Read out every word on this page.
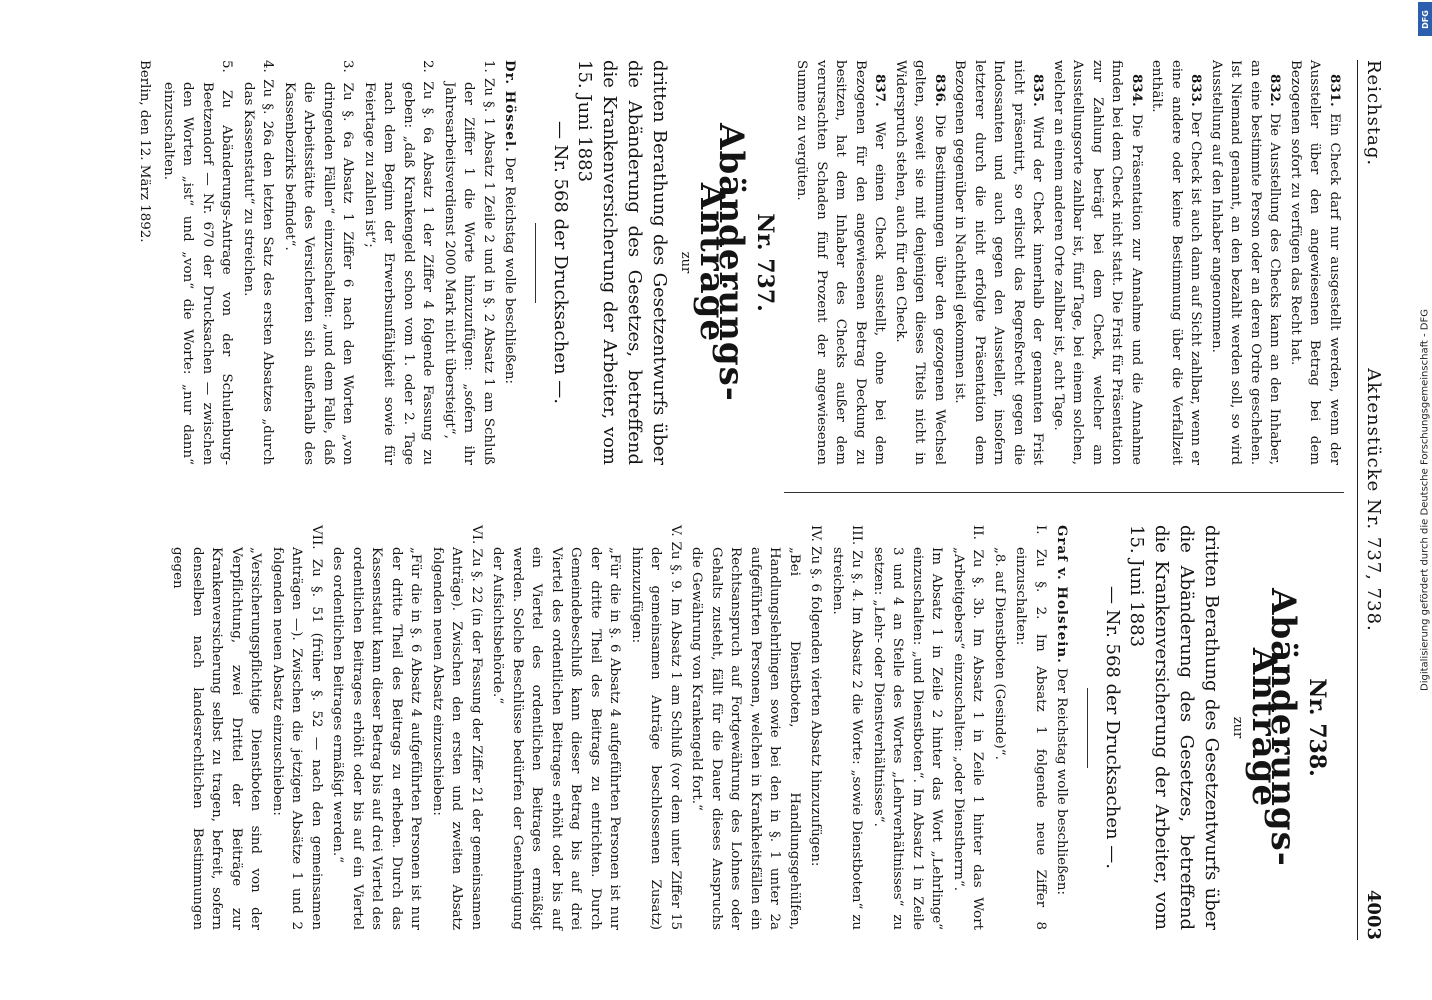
Reichstag.
Aktenstücke Nr. 737, 738.
4003

831. Ein Check darf nur ausgestellt werden, wenn der Aussteller über den angewiesenen Betrag bei dem Bezogenen sofort zu verfügen das Recht hat.

832. Die Ausstellung des Checks kann an den Inhaber, an eine bestimmte Person oder an deren Ordre geschehen. Ist Niemand genannt, an den bezahlt werden soll, so wird Ausstellung auf den Inhaber angenommen.

833. Der Check ist auch dann auf Sicht zahlbar, wenn er eine andere oder keine Bestimmung über die Verfallzeit enthält.

834. Die Präsentation zur Annahme und die Annahme finden bei dem Check nicht statt. Die Frist für Präsentation zur Zahlung beträgt bei dem Check, welcher am Ausstellungsorte zahlbar ist, fünf Tage, bei einem solchen, welcher an einem anderen Orte zahlbar ist, acht Tage.

835. Wird der Check innerhalb der genannten Frist nicht präsentirt, so erlischt das Regreßrecht gegen die Indossanten und auch gegen den Aussteller, insofern letzterer durch die nicht erfolgte Präsentation dem Bezogenen gegenüber in Nachtheil gekommen ist.

836. Die Bestimmungen über den gezogenen Wechsel gelten, soweit sie mit denjenigen dieses Titels nicht in Widerspruch stehen, auch für den Check.

837. Wer einen Check ausstellt, ohne bei dem Bezogenen für den angewiesenen Betrag Deckung zu besitzen, hat dem Inhaber des Checks außer dem verursachten Schaden fünf Prozent der angewiesenen Summe zu vergüten.

Nr. 737.
Abänderungs-Anträge
zur

dritten Berathung des Gesetzentwurfs über die Abänderung des Gesetzes, betreffend die Krankenversicherung der Arbeiter, vom 15. Juni 1883

— Nr. 568 der Drucksachen —.

Dr. Hössel. Der Reichstag wolle beschließen:

1. Zu §. 1 Absatz 1 Zeile 2 und in §. 2 Absatz 1 am Schluß der Ziffer 1 die Worte hinzuzufügen: „sofern ihr Jahresarbeitsverdienst 2000 Mark nicht übersteigt“,
2. Zu §. 6a Absatz 1 der Ziffer 4 folgende Fassung zu geben: „daß Krankengeld schon vom 1. oder 2. Tage nach dem Beginn der Erwerbsunfähigkeit sowie für Feiertage zu zahlen ist“;
3. Zu §. 6a Absatz 1 Ziffer 6 nach den Worten „von dringenden Fällen“ einzuschalten: „und dem Falle, daß die Arbeitsstätte des Versicherten sich außerhalb des Kassenbezirks befindet“.
4. Zu §. 26a den letzten Satz des ersten Absatzes „durch das Kassenstatut“ zu streichen.
5. Zu Abänderungs-Antrage von der Schulenburg-Beetzendorf — Nr. 670 der Drucksachen — zwischen den Worten „ist“ und „von“ die Worte: „nur dann“ einzuschalten.

Berlin, den 12. März 1892.

Nr. 738.
Abänderungs-Anträge
zur

dritten Berathung des Gesetzentwurfs über die Abänderung des Gesetzes, betreffend die Krankenversicherung der Arbeiter, vom 15. Juni 1883

— Nr. 568 der Drucksachen —.

Graf v. Holstein. Der Reichstag wolle beschließen:

I. Zu §. 2. Im Absatz 1 folgende neue Ziffer 8 einzuschalten:
„8. auf Dienstboten (Gesinde)“.
II. Zu §. 3b. Im Absatz 1 in Zeile 1 hinter das Wort „Arbeitgebers“ einzuschalten: „oder Dienstherrn“.
Im Absatz 1 in Zeile 2 hinter das Wort „Lehrlinge“ einzuschalten: „und Dienstboten“. Im Absatz 1 in Zeile 3 und 4 an Stelle des Wortes „Lehrverhältnisses“ zu setzen: „Lehr- oder Dienstverhältnisses“.
III. Zu §. 4. Im Absatz 2 die Worte: „sowie Dienstboten“ zu streichen.
IV. Zu §. 6 folgenden vierten Absatz hinzuzufügen:
„Bei Dienstboten, Handlungsgehülfen, Handlungslehrlingen sowie bei den in §. 1 unter 2a aufgeführten Personen, welchen in Krankheitsfällen ein Rechtsanspruch auf Fortgewährung des Lohnes oder Gehalts zusteht, fällt für die Dauer dieses Anspruchs die Gewährung von Krankengeld fort.“
V. Zu §. 9. Im Absatz 1 am Schluß (vor dem unter Ziffer 15 der gemeinsamen Anträge beschlossenen Zusatz) hinzuzufügen:
„Für die in §. 6 Absatz 4 aufgeführten Personen ist nur der dritte Theil des Beitrags zu entrichten. Durch Gemeindebeschluß kann dieser Betrag bis auf drei Viertel des ordentlichen Beitrages erhöht oder bis auf ein Viertel des ordentlichen Beitrages ermäßigt werden. Solche Beschlüsse bedürfen der Genehmigung der Aufsichtsbehörde.“
VI. Zu §. 22 (in der Fassung der Ziffer 21 der gemeinsamen Anträge). Zwischen den ersten und zweiten Absatz folgenden neuen Absatz einzuschieben:
„Für die in §. 6 Absatz 4 aufgeführten Personen ist nur der dritte Theil des Beitrags zu erheben. Durch das Kassenstatut kann dieser Betrag bis auf drei Viertel des ordentlichen Beitrages erhöht oder bis auf ein Viertel des ordentlichen Beitrages ermäßigt werden.“
VII. Zu §. 51 (früher §. 52 — nach den gemeinsamen Anträgen —). Zwischen die jetzigen Absätze 1 und 2 folgenden neuen Absatz einzuschieben:
„Versicherungspflichtige Dienstboten sind von der Verpflichtung, zwei Drittel der Beiträge zur Krankenversicherung selbst zu tragen, befreit, sofern denselben nach landesrechtlichen Bestimmungen gegen	Digitalisierung gefördert durch die Deutsche Forschungsgemeinschaft - DFG
DFG
